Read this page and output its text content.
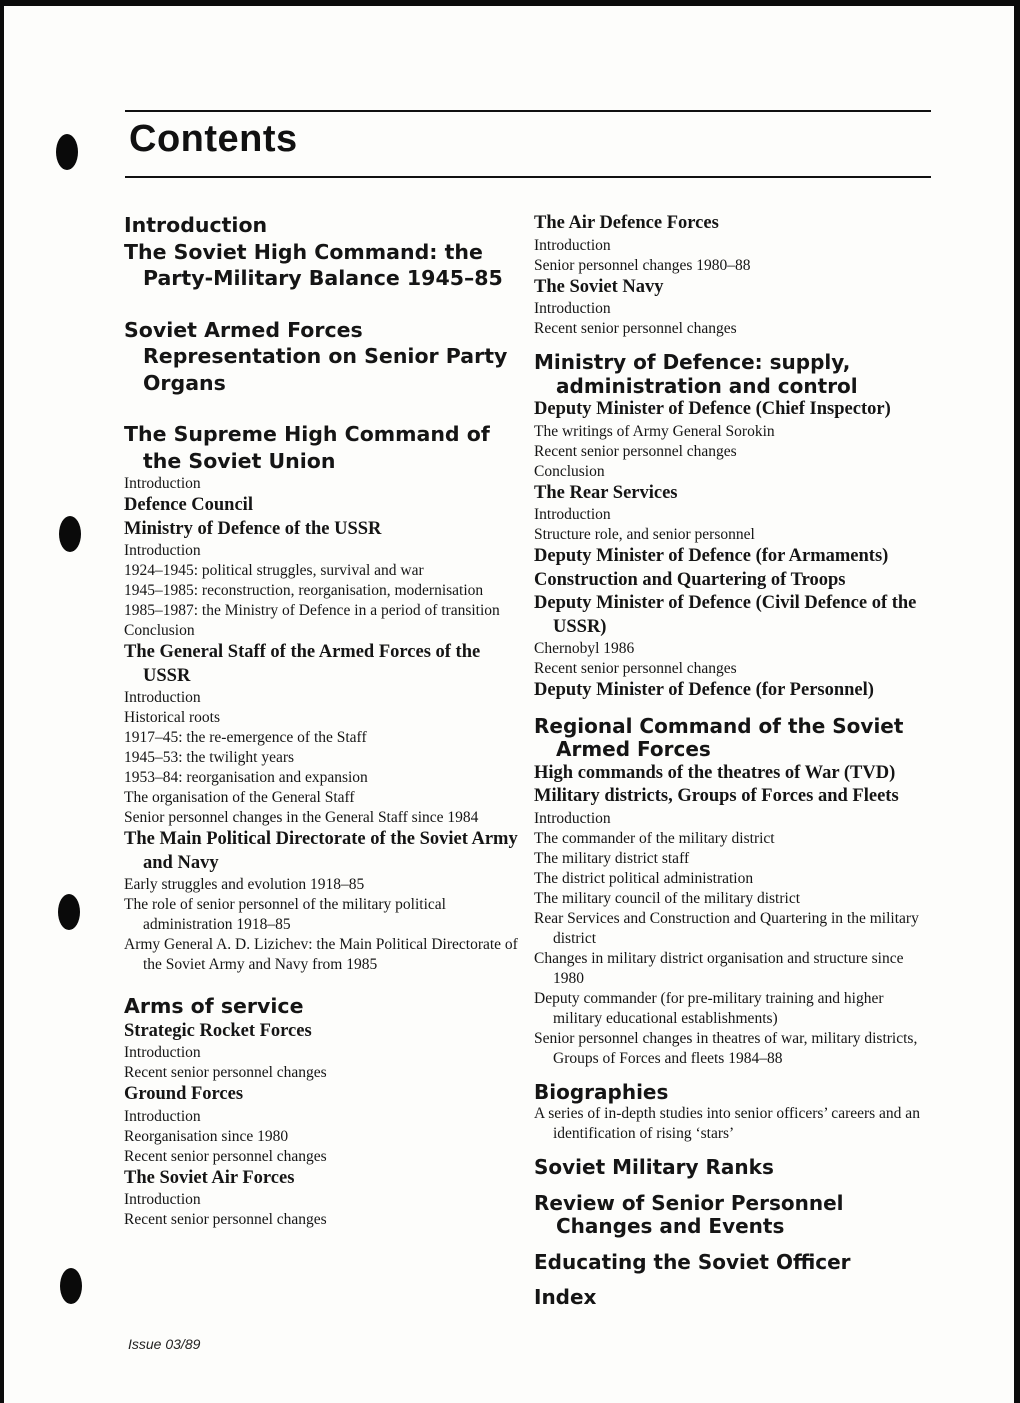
Contents
Introduction
The Soviet High Command: the Party-Military Balance 1945–85
Soviet Armed Forces Representation on Senior Party Organs
The Supreme High Command of the Soviet Union
Introduction
Defence Council
Ministry of Defence of the USSR
Introduction
1924–1945: political struggles, survival and war
1945–1985: reconstruction, reorganisation, modernisation
1985–1987: the Ministry of Defence in a period of transition
Conclusion
The General Staff of the Armed Forces of the USSR
Introduction
Historical roots
1917–45: the re-emergence of the Staff
1945–53: the twilight years
1953–84: reorganisation and expansion
The organisation of the General Staff
Senior personnel changes in the General Staff since 1984
The Main Political Directorate of the Soviet Army and Navy
Early struggles and evolution 1918–85
The role of senior personnel of the military political administration 1918–85
Army General A. D. Lizichev: the Main Political Directorate of the Soviet Army and Navy from 1985
Arms of service
Strategic Rocket Forces
Introduction
Recent senior personnel changes
Ground Forces
Introduction
Reorganisation since 1980
Recent senior personnel changes
The Soviet Air Forces
Introduction
Recent senior personnel changes
The Air Defence Forces
Introduction
Senior personnel changes 1980–88
The Soviet Navy
Introduction
Recent senior personnel changes
Ministry of Defence: supply, administration and control
Deputy Minister of Defence (Chief Inspector)
The writings of Army General Sorokin
Recent senior personnel changes
Conclusion
The Rear Services
Introduction
Structure role, and senior personnel
Deputy Minister of Defence (for Armaments)
Construction and Quartering of Troops
Deputy Minister of Defence (Civil Defence of the USSR)
Chernobyl 1986
Recent senior personnel changes
Deputy Minister of Defence (for Personnel)
Regional Command of the Soviet Armed Forces
High commands of the theatres of War (TVD)
Military districts, Groups of Forces and Fleets
Introduction
The commander of the military district
The military district staff
The district political administration
The military council of the military district
Rear Services and Construction and Quartering in the military district
Changes in military district organisation and structure since 1980
Deputy commander (for pre-military training and higher military educational establishments)
Senior personnel changes in theatres of war, military districts, Groups of Forces and fleets 1984–88
Biographies
A series of in-depth studies into senior officers’ careers and an identification of rising ‘stars’
Soviet Military Ranks
Review of Senior Personnel Changes and Events
Educating the Soviet Officer
Index
Issue 03/89
